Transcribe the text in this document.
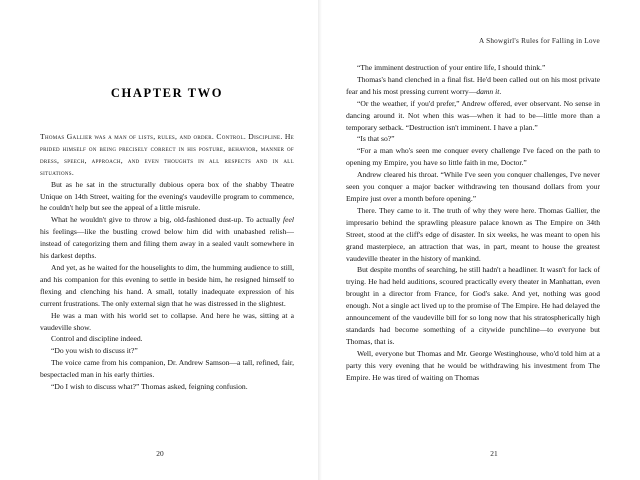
CHAPTER TWO

Thomas Gallier was a man of lists, rules, and order. Control. Discipline. He prided himself on being precisely correct in his posture, behavior, manner of dress, speech, approach, and even thoughts in all respects and in all situations.

But as he sat in the structurally dubious opera box of the shabby Theatre Unique on 14th Street, waiting for the evening's vaudeville program to commence, he couldn't help but see the appeal of a little misrule.

What he wouldn't give to throw a big, old-fashioned dust-up. To actually feel his feelings—like the bustling crowd below him did with unabashed relish—instead of categorizing them and filing them away in a sealed vault somewhere in his darkest depths.

And yet, as he waited for the houselights to dim, the humming audience to still, and his companion for this evening to settle in beside him, he resigned himself to flexing and clenching his hand. A small, totally inadequate expression of his current frustrations. The only external sign that he was distressed in the slightest.

He was a man with his world set to collapse. And here he was, sitting at a vaudeville show.

Control and discipline indeed.

“Do you wish to discuss it?”

The voice came from his companion, Dr. Andrew Samson—a tall, refined, fair, bespectacled man in his early thirties.

“Do I wish to discuss what?” Thomas asked, feigning confusion.

20
A Showgirl's Rules for Falling in Love

“The imminent destruction of your entire life, I should think.”

Thomas's hand clenched in a final fist. He'd been called out on his most private fear and his most pressing current worry—damn it.

“Or the weather, if you'd prefer,” Andrew offered, ever observant. No sense in dancing around it. Not when this was—when it had to be—little more than a temporary setback. “Destruction isn't imminent. I have a plan.”

“Is that so?”

“For a man who's seen me conquer every challenge I've faced on the path to opening my Empire, you have so little faith in me, Doctor.”

Andrew cleared his throat. “While I've seen you conquer challenges, I've never seen you conquer a major backer withdrawing ten thousand dollars from your Empire just over a month before opening.”

There. They came to it. The truth of why they were here. Thomas Gallier, the impresario behind the sprawling pleasure palace known as The Empire on 34th Street, stood at the cliff's edge of disaster. In six weeks, he was meant to open his grand masterpiece, an attraction that was, in part, meant to house the greatest vaudeville theater in the history of mankind.

But despite months of searching, he still hadn't a headliner. It wasn't for lack of trying. He had held auditions, scoured practically every theater in Manhattan, even brought in a director from France, for God's sake. And yet, nothing was good enough. Not a single act lived up to the promise of The Empire. He had delayed the announcement of the vaudeville bill for so long now that his stratospherically high standards had become something of a citywide punchline—to everyone but Thomas, that is.

Well, everyone but Thomas and Mr. George Westinghouse, who'd told him at a party this very evening that he would be withdrawing his investment from The Empire. He was tired of waiting on Thomas

21
